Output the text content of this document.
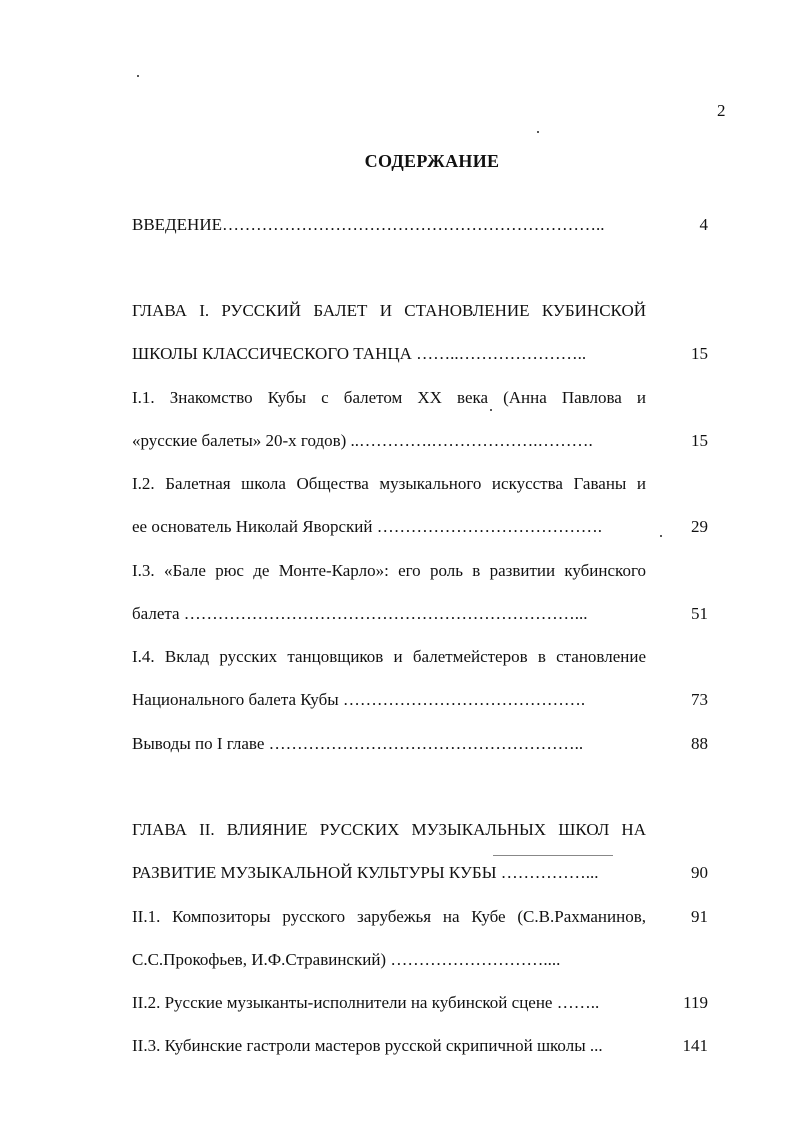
2
СОДЕРЖАНИЕ
ВВЕДЕНИЕ…………………………………………………………..	4
ГЛАВА I. РУССКИЙ БАЛЕТ И СТАНОВЛЕНИЕ КУБИНСКОЙ
ШКОЛЫ КЛАССИЧЕСКОГО ТАНЦА ……..…………………..	15
I.1. Знакомство Кубы с балетом XX века (Анна Павлова и
«русские балеты» 20-х годов) ..………….……………….……….	15
I.2. Балетная школа Общества музыкального искусства Гаваны и
ее основатель Николай Яворский ………………………………….	29
I.3. «Бале рюс де Монте-Карло»: его роль в развитии кубинского
балета ……………………………………………………………...	51
I.4. Вклад русских танцовщиков и балетмейстеров в становление
Национального балета Кубы …………………………………….	73
Выводы по I главе ………………………………………………..	88
ГЛАВА II. ВЛИЯНИЕ РУССКИХ МУЗЫКАЛЬНЫХ ШКОЛ НА
РАЗВИТИЕ МУЗЫКАЛЬНОЙ КУЛЬТУРЫ КУБЫ ……………...	90
II.1. Композиторы русского зарубежья на Кубе (С.В.Рахманинов,	91
С.С.Прокофьев, И.Ф.Стравинский) ………………………....
II.2. Русские музыканты-исполнители на кубинской сцене ……..	119
II.3. Кубинские гастроли мастеров русской скрипичной школы ...	141
